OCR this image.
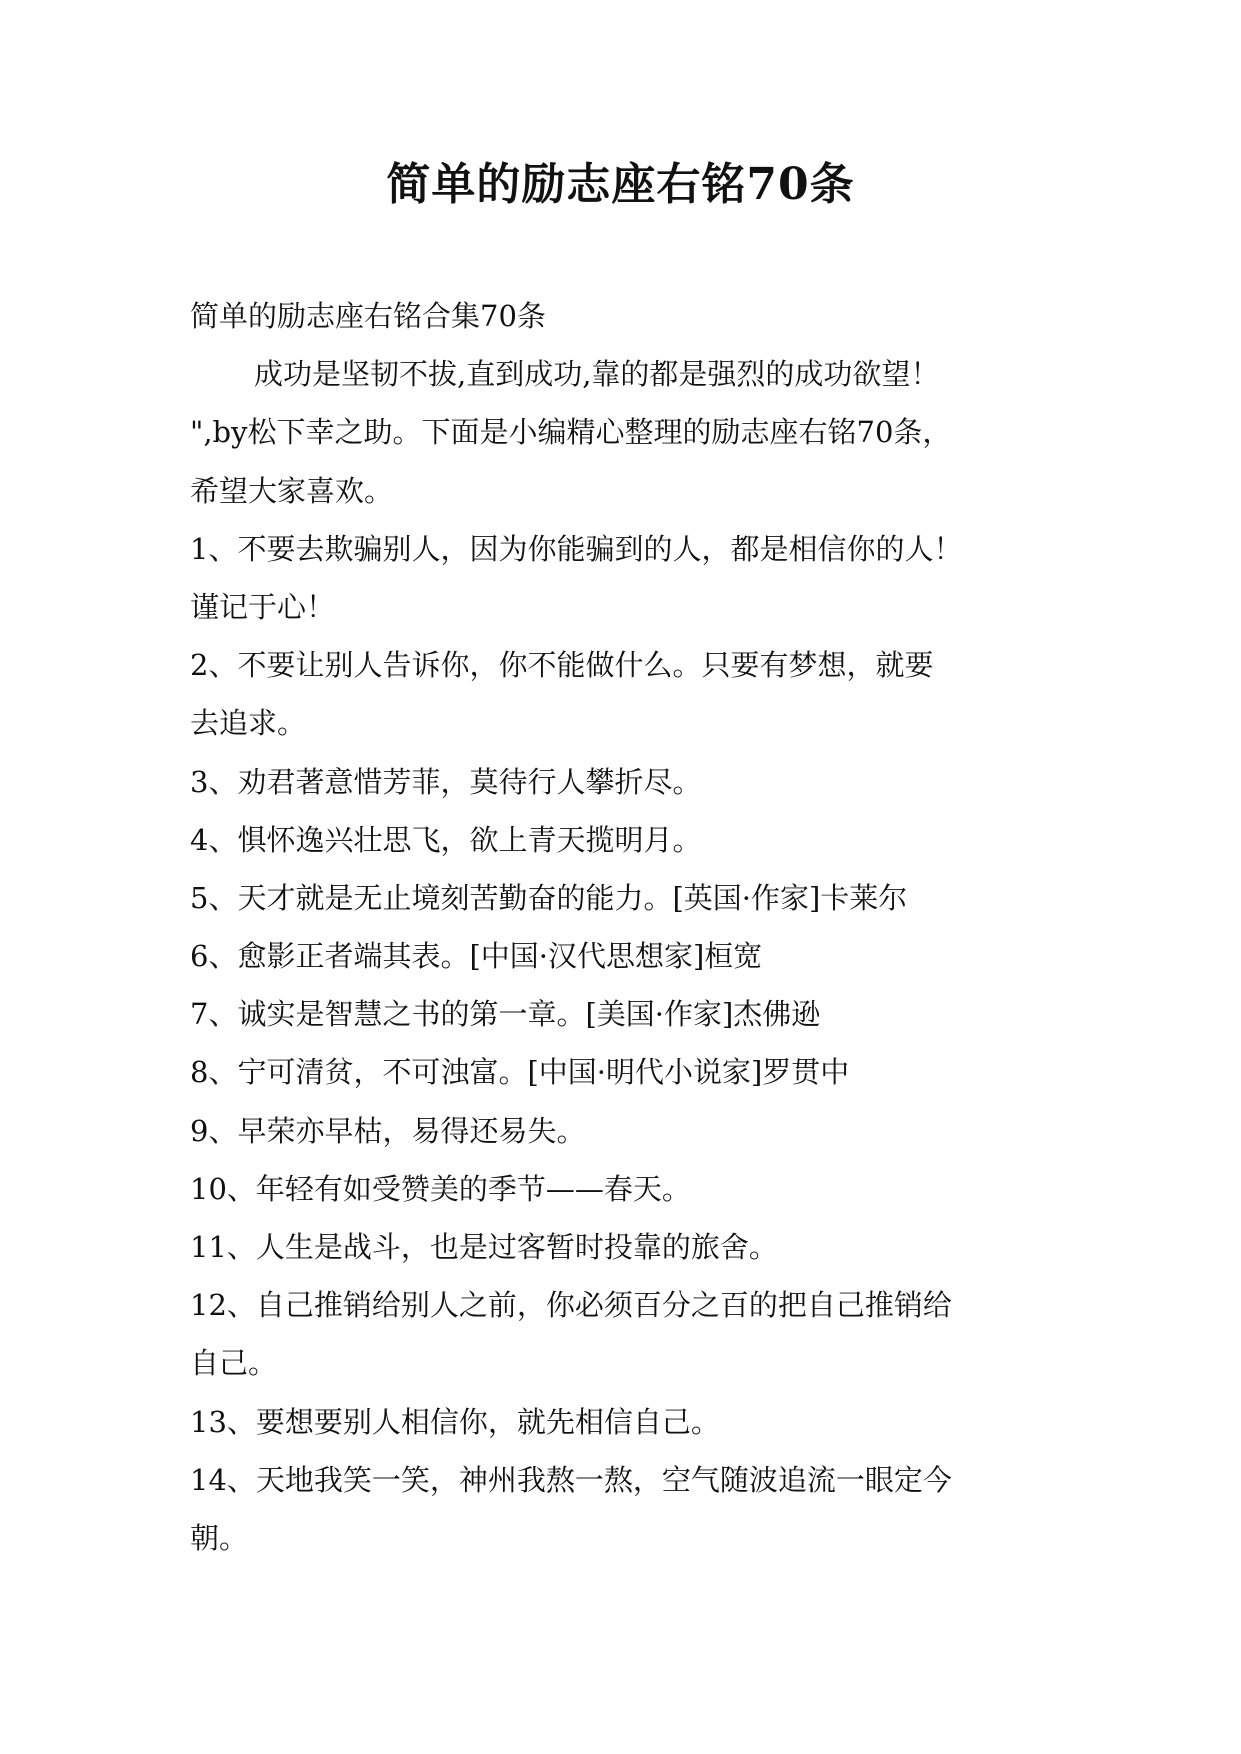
简单的励志座右铭70条
简单的励志座右铭合集70条
成功是坚韧不拔,直到成功,靠的都是强烈的成功欲望！
",by松下幸之助。下面是小编精心整理的励志座右铭70条，
希望大家喜欢。
1、不要去欺骗别人，因为你能骗到的人，都是相信你的人！
谨记于心！
2、不要让别人告诉你，你不能做什么。只要有梦想，就要
去追求。
3、劝君著意惜芳菲，莫待行人攀折尽。
4、惧怀逸兴壮思飞，欲上青天揽明月。
5、天才就是无止境刻苦勤奋的能力。[英国·作家]卡莱尔
6、愈影正者端其表。[中国·汉代思想家]桓宽
7、诚实是智慧之书的第一章。[美国·作家]杰佛逊
8、宁可清贫，不可浊富。[中国·明代小说家]罗贯中
9、早荣亦早枯，易得还易失。
10、年轻有如受赞美的季节——春天。
11、人生是战斗，也是过客暂时投靠的旅舍。
12、自己推销给别人之前，你必须百分之百的把自己推销给
自己。
13、要想要别人相信你，就先相信自己。
14、天地我笑一笑，神州我熬一熬，空气随波追流一眼定今
朝。
